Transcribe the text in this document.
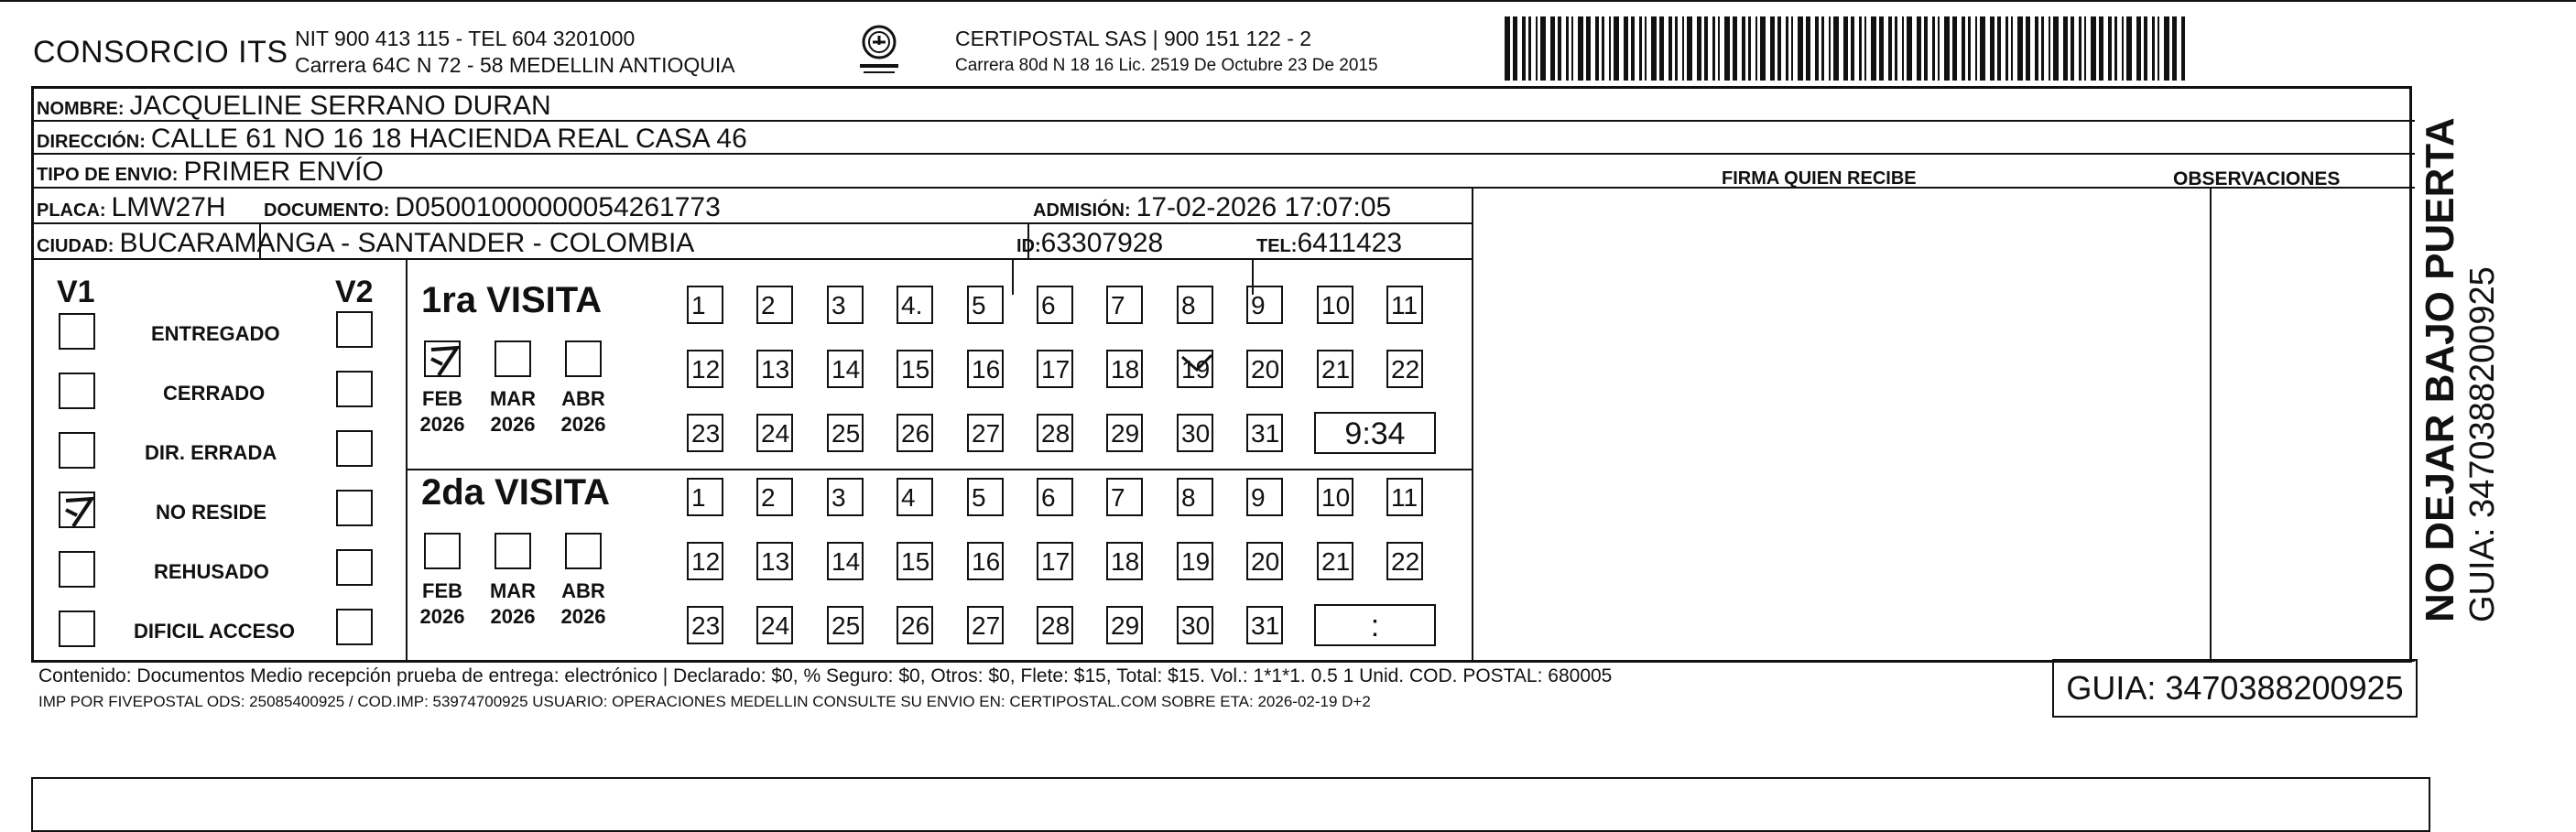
CONSORCIO ITS NIT 900 413 115 - TEL 604 3201000
Carrera 64C N 72 - 58 MEDELLIN ANTIOQUIA
CERTIPOSTAL SAS | 900 151 122 - 2
Carrera 80d N 18 16 Lic. 2519 De Octubre 23 De 2015
NOMBRE: JACQUELINE SERRANO DURAN
DIRECCIÓN: CALLE 61 NO 16 18 HACIENDA REAL CASA 46
TIPO DE ENVIO: PRIMER ENVÍO	FIRMA QUIEN RECIBE	OBSERVACIONES
PLACA: LMW27H DOCUMENTO: D05001000000054261773	ADMISIÓN: 17-02-2026 17:07:05
CIUDAD: BUCARAMANGA - SANTANDER - COLOMBIA	ID: 63307928	TEL: 6411423
V1	V2
ENTREGADO
CERRADO
DIR. ERRADA
NO RESIDE
REHUSADO
DIFICIL ACCESO
1ra VISITA
FEB
2026
MAR
2026
ABR
2026
1	2	3	4.	5	6	7	8	9	10 11
12 13 14 15 16 17 18 19 20 21 22
23 24 25 26 27 28 29 30 31	9:34
2da VISITA
FEB
2026
MAR
2026
ABR
2026
1	2	3	4	5	6	7	8	9	10 11
12 13 14 15 16 17 18 19 20 21 22
23 24 25 26 27 28 29 30 31	:
Contenido: Documentos Medio recepción prueba de entrega: electrónico | Declarado: $0, % Seguro: $0, Otros: $0, Flete: $15, Total: $15. Vol.: 1*1*1. 0.5 1 Unid. COD. POSTAL: 680005
IMP POR FIVEPOSTAL ODS: 25085400925 / COD.IMP: 53974700925 USUARIO: OPERACIONES MEDELLIN CONSULTE SU ENVIO EN: CERTIPOSTAL.COM SOBRE ETA: 2026-02-19 D+2	GUIA: 3470388200925
NO DEJAR BAJO PUERTA GUIA: 3470388200925
